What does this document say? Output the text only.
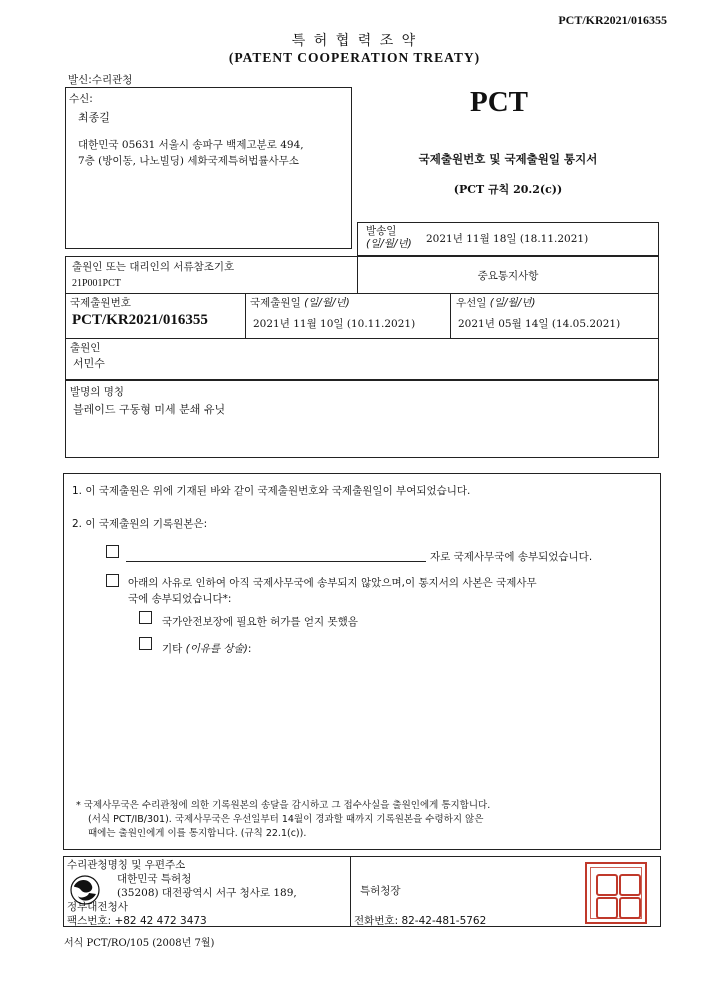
PCT/KR2021/016355
특 허 협 력 조 약
(PATENT COOPERATION TREATY)
발신:수리관청
수신:
최종길
대한민국 05631 서울시 송파구 백제고분로 494,
7층 (방이동, 나노빌딩) 세화국제특허법률사무소
PCT
국제출원번호 및 국제출원일 통지서
(PCT 규칙 20.2(c))
발송일
(일/월/년) 2021년 11월 18일 (18.11.2021)
출원인 또는 대리인의 서류참조기호
21P001PCT
중요통지사항
국제출원번호
PCT/KR2021/016355
국제출원일 (일/월/년)
2021년 11월 10일 (10.11.2021)
우선일 (일/월/년)
2021년 05월 14일 (14.05.2021)
출원인
서민수
발명의 명칭
블레이드 구동형 미세 분쇄 유닛
1. 이 국제출원은 위에 기재된 바와 같이 국제출원번호와 국제출원일이 부여되었습니다.
2. 이 국제출원의 기록원본은:
자로 국제사무국에 송부되었습니다.
아래의 사유로 인하여 아직 국제사무국에 송부되지 않았으며,이 통지서의 사본은 국제사무
국에 송부되었습니다*:
국가안전보장에 필요한 허가를 얻지 못했음
기타 (이유를 상술):
* 국제사무국은 수리관청에 의한 기록원본의 송달을 감시하고 그 접수사실을 출원인에게 통지합니다.
(서식 PCT/IB/301). 국제사무국은 우선일부터 14월이 경과할 때까지 기록원본을 수령하지 않은
때에는 출원인에게 이를 통지합니다. (규칙 22.1(c)).
수리관청명칭 및 우편주소
대한민국 특허청
(35208) 대전광역시 서구 청사로 189,
정부대전청사
팩스번호: +82 42 472 3473
특허청장
전화번호: 82-42-481-5762
서식 PCT/RO/105 (2008년 7월)
